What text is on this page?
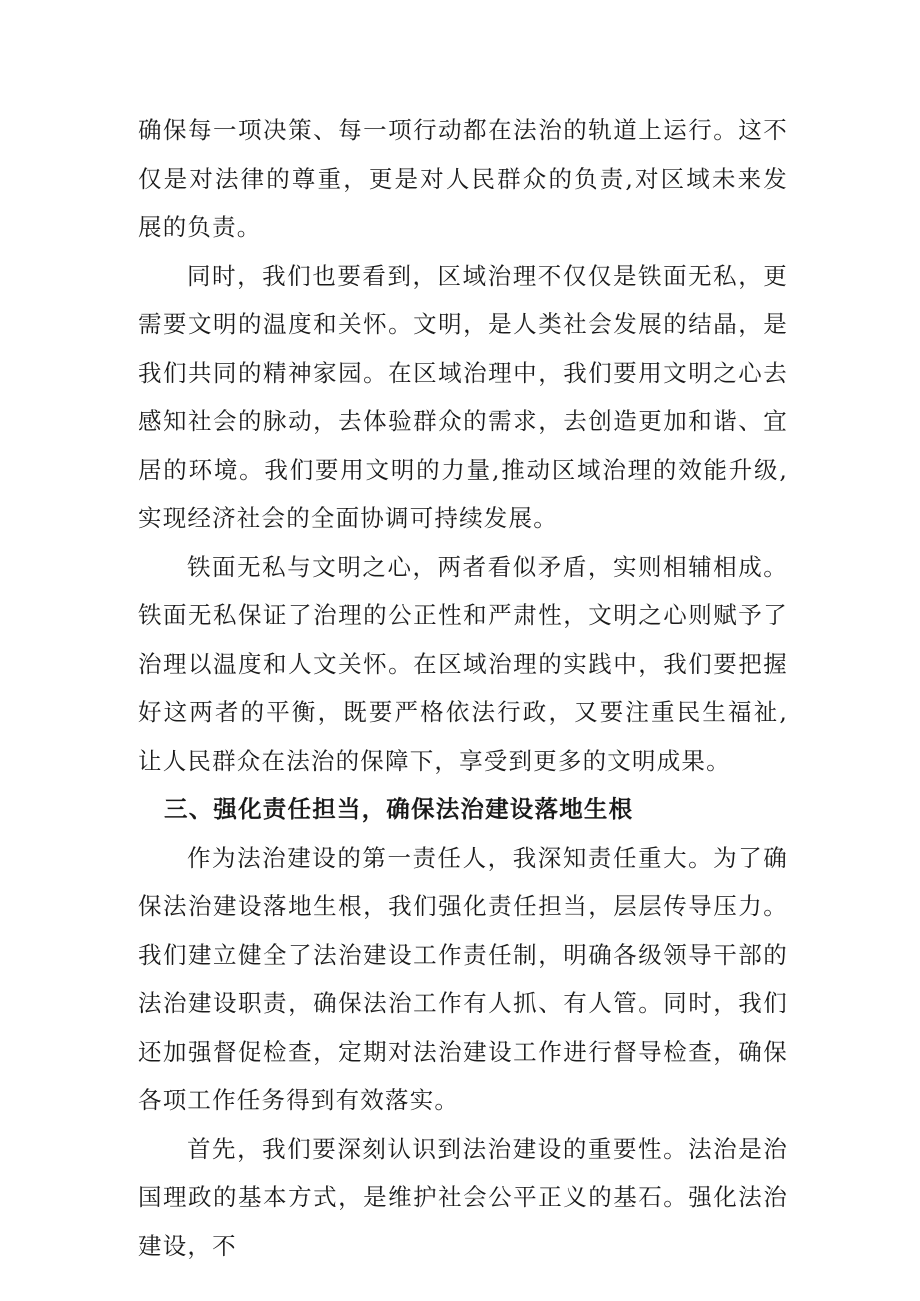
确保每一项决策、每一项行动都在法治的轨道上运行。这不仅是对法律的尊重，更是对人民群众的负责,对区域未来发展的负责。

同时，我们也要看到，区域治理不仅仅是铁面无私，更需要文明的温度和关怀。文明，是人类社会发展的结晶，是我们共同的精神家园。在区域治理中，我们要用文明之心去感知社会的脉动，去体验群众的需求，去创造更加和谐、宜居的环境。我们要用文明的力量,推动区域治理的效能升级,实现经济社会的全面协调可持续发展。

铁面无私与文明之心，两者看似矛盾，实则相辅相成。铁面无私保证了治理的公正性和严肃性，文明之心则赋予了治理以温度和人文关怀。在区域治理的实践中，我们要把握好这两者的平衡，既要严格依法行政，又要注重民生福祉,让人民群众在法治的保障下，享受到更多的文明成果。

三、强化责任担当，确保法治建设落地生根

作为法治建设的第一责任人，我深知责任重大。为了确保法治建设落地生根，我们强化责任担当，层层传导压力。我们建立健全了法治建设工作责任制，明确各级领导干部的法治建设职责，确保法治工作有人抓、有人管。同时，我们还加强督促检查，定期对法治建设工作进行督导检查，确保各项工作任务得到有效落实。

首先，我们要深刻认识到法治建设的重要性。法治是治国理政的基本方式，是维护社会公平正义的基石。强化法治建设，不
